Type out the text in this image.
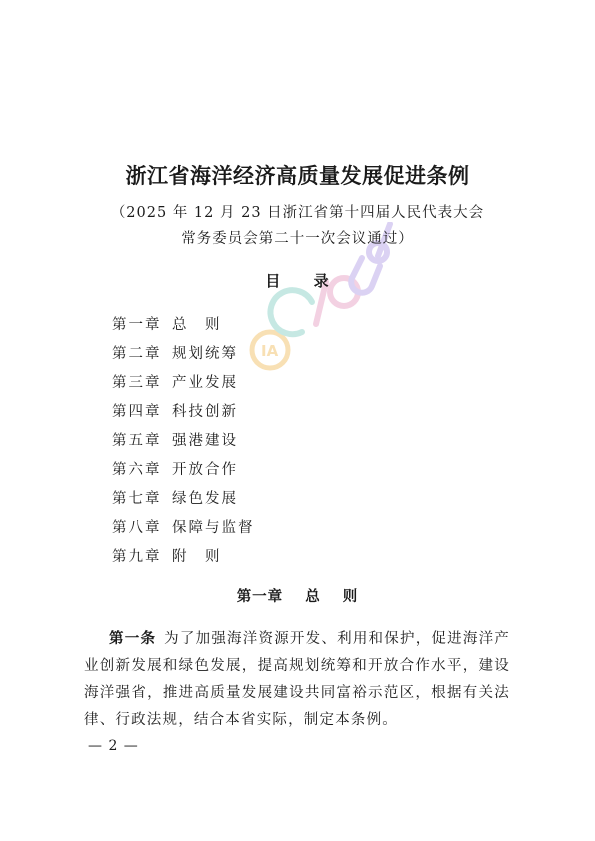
IA
浙江省海洋经济高质量发展促进条例
（2025 年 12 月 23 日浙江省第十四届人民代表大会
常务委员会第二十一次会议通过）
目 录
第一章 总　则
第二章 规划统筹
第三章 产业发展
第四章 科技创新
第五章 强港建设
第六章 开放合作
第七章 绿色发展
第八章 保障与监督
第九章 附　则
第一章 总 则

第一条 为了加强海洋资源开发、利用和保护，促进海洋产业创新发展和绿色发展，提高规划统筹和开放合作水平，建设海洋强省，推进高质量发展建设共同富裕示范区，根据有关法律、行政法规，结合本省实际，制定本条例。

— 2 —
